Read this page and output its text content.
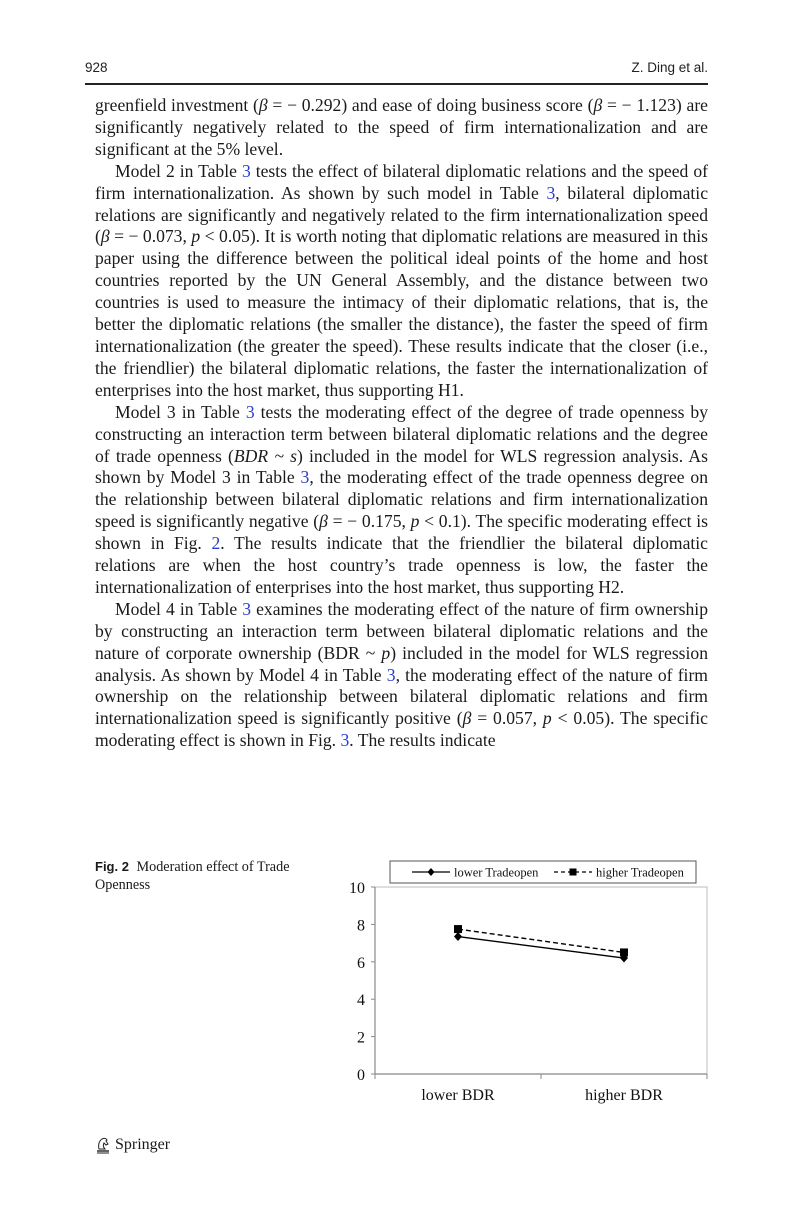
928	Z. Ding et al.

greenfield investment (β = − 0.292) and ease of doing business score (β = − 1.123) are significantly negatively related to the speed of firm internationalization and are significant at the 5% level.

Model 2 in Table 3 tests the effect of bilateral diplomatic relations and the speed of firm internationalization. As shown by such model in Table 3, bilateral diplomatic relations are significantly and negatively related to the firm internationalization speed (β = − 0.073, p < 0.05). It is worth noting that diplomatic relations are measured in this paper using the difference between the political ideal points of the home and host countries reported by the UN General Assembly, and the distance between two countries is used to measure the intimacy of their diplomatic relations, that is, the better the diplomatic relations (the smaller the distance), the faster the speed of firm internationalization (the greater the speed). These results indicate that the closer (i.e., the friendlier) the bilateral diplomatic relations, the faster the internationalization of enterprises into the host market, thus supporting H1.

Model 3 in Table 3 tests the moderating effect of the degree of trade openness by constructing an interaction term between bilateral diplomatic relations and the degree of trade openness (BDR ~ s) included in the model for WLS regression analysis. As shown by Model 3 in Table 3, the moderating effect of the trade openness degree on the relationship between bilateral diplomatic relations and firm internationalization speed is significantly negative (β = − 0.175, p < 0.1). The specific moderating effect is shown in Fig. 2. The results indicate that the friendlier the bilateral diplomatic relations are when the host country’s trade openness is low, the faster the internationalization of enterprises into the host market, thus supporting H2.

Model 4 in Table 3 examines the moderating effect of the nature of firm ownership by constructing an interaction term between bilateral diplomatic relations and the nature of corporate ownership (BDR ~ p) included in the model for WLS regression analysis. As shown by Model 4 in Table 3, the moderating effect of the nature of firm ownership on the relationship between bilateral diplomatic relations and firm internationalization speed is significantly positive (β = 0.057, p < 0.05). The specific moderating effect is shown in Fig. 3. The results indicate

Fig. 2 Moderation effect of Trade Openness
0
2
4
6
8
10
lower BDR	higher BDR
lower Tradeopen	higher Tradeopen
Springer
